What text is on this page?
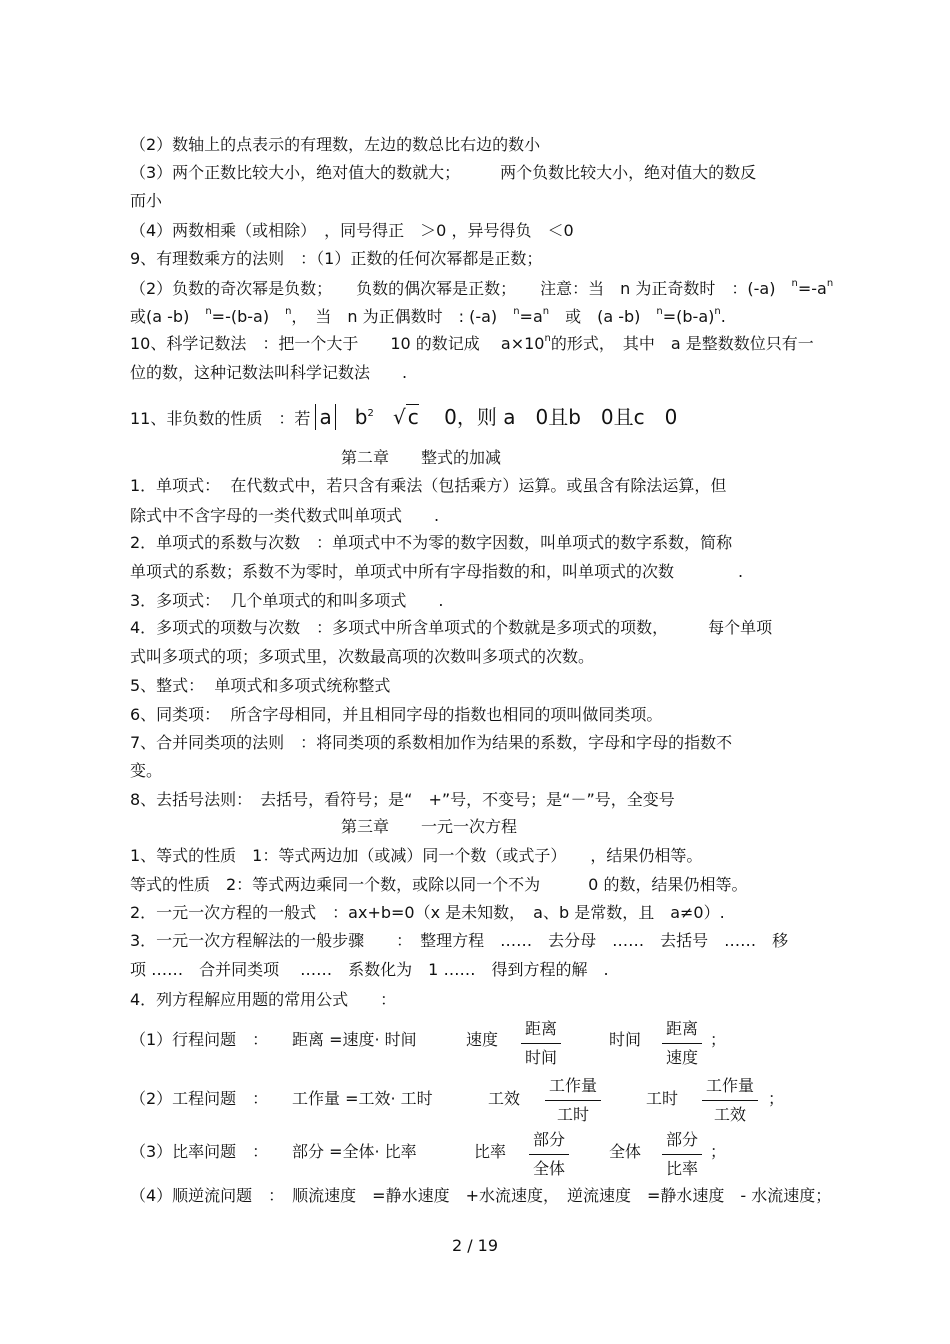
（2）数轴上的点表示的有理数，左边的数总比右边的数小
（3）两个正数比较大小，绝对值大的数就大；　　　两个负数比较大小，绝对值大的数反
而小
（4）两数相乘（或相除）　，同号得正　＞0 ，异号得负　＜0
9、有理数乘方的法则　：（1）正数的任何次幂都是正数；
（2）负数的奇次幂是负数；　　负数的偶次幂是正数；　　注意：当　n 为正奇数时　：(-a)　$^n=-a^n$
或(a -b)　$^n$=-(b-a)　$^n$，　当　n 为正偶数时　: (-a)　$^n=a^n$　或　(a -b)　$^n=(b-a)^n$.
10、科学记数法　：把一个大于　　10 的数记成　 $a\times 10^n$的形式，　其中　a 是整数数位只有一
位的数，这种记数法叫科学记数法　　.
11、非负数的性质　：若 a $b^2$ √ c 0，则 a　0且b　0且c　0
第二章　　整式的加减
1．单项式：  在代数式中，若只含有乘法（包括乘方）运算。或虽含有除法运算，但
除式中不含字母的一类代数式叫单项式　　.
2．单项式的系数与次数　：单项式中不为零的数字因数，叫单项式的数字系数，简称
单项式的系数；系数不为零时，单项式中所有字母指数的和，叫单项式的次数　　　　.
3．多项式：  几个单项式的和叫多项式　　.
4．多项式的项数与次数　：多项式中所含单项式的个数就是多项式的项数，　　　每个单项
式叫多项式的项；多项式里，次数最高项的次数叫多项式的次数。
5、整式：  单项式和多项式统称整式
6、同类项：  所含字母相同，并且相同字母的指数也相同的项叫做同类项。
7、合并同类项的法则　：将同类项的系数相加作为结果的系数，字母和字母的指数不
变。
8、去括号法则：　去括号，看符号；是“　+”号，不变号；是“－”号，全变号
第三章　　一元一次方程
1、等式的性质　1：等式两边加（或减）同一个数（或式子）　　，结果仍相等。
等式的性质　2：等式两边乘同一个数，或除以同一个不为　　　0 的数，结果仍相等。
2．一元一次方程的一般式　：ax+b=0（x 是未知数，　a、b 是常数，且　a≠0）.
3．一元一次方程解法的一般步骤　　：　整理方程　……　去分母　……　去括号　……　移
项 ……　合并同类项　 ……　系数化为　1 ……　得到方程的解　.
4．列方程解应用题的常用公式　　：
（1）行程问题　： 距离 =速度· 时间	速度
距离
时间
时间
距离
速度
；
（2）工程问题　： 工作量 =工效· 工时	工效
工作量
工时
工时
工作量
工效
；
（3）比率问题　： 部分 =全体· 比率	比率
部分
全体
全体
部分
比率
；
（4）顺逆流问题　：　顺流速度　=静水速度　+水流速度，　逆流速度　=静水速度　- 水流速度；
2 / 19
